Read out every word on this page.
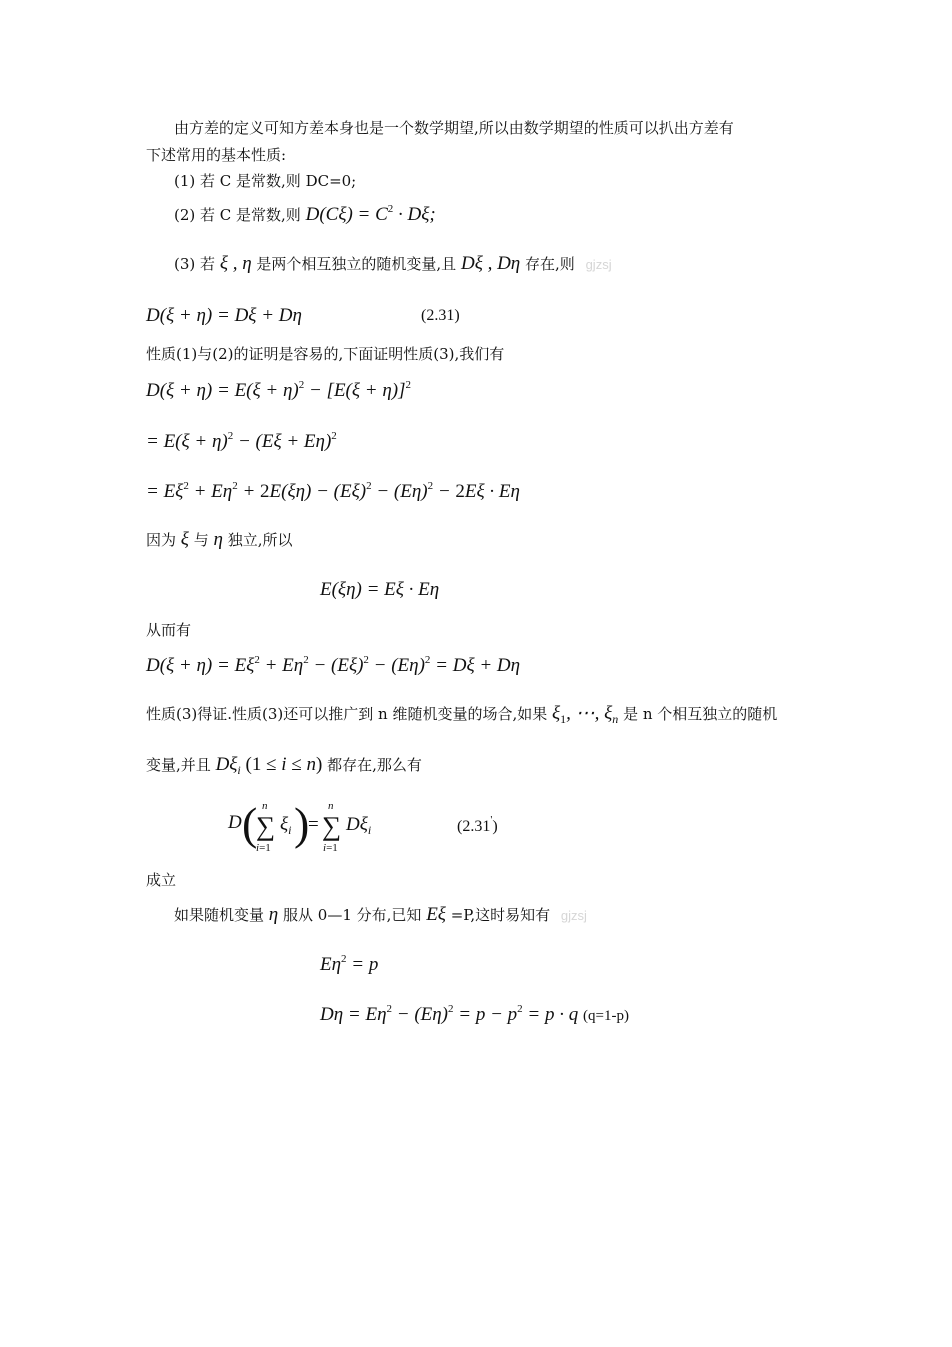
由方差的定义可知方差本身也是一个数学期望,所以由数学期望的性质可以扒出方差有
下述常用的基本性质:
(1) 若 C 是常数,则 DC=0;
(2) 若 C 是常数,则 $D(C\xi) = C^2 \cdot D\xi$;
(3) 若 ξ , η 是两个相互独立的随机变量,且 Dξ , Dη 存在,则 gjzsj
D(ξ + η) = Dξ + Dη	(2.31)
性质(1)与(2)的证明是容易的,下面证明性质(3),我们有
$D(\xi + \eta) = E(\xi + \eta)^2 - [E(\xi + \eta)]^2$
= $E(\xi + \eta)^2 - (E\xi + E\eta)^2$
= $E\xi^2 + E\eta^2 + 2E(\xi\eta) - (E\xi)^2 - (E\eta)^2 - 2E\xi \cdot E\eta$
因为 ξ 与 η 独立,所以
E(ξη) = Eξ · Eη
从而有
$D(\xi + \eta) = E\xi^2 + E\eta^2 - (E\xi)^2 - (E\eta)^2 = D\xi + D\eta$
性质(3)得证.性质(3)还可以推广到 n 维随机变量的场合,如果 $\xi_1$, ⋯, $\xi_n$ 是 n 个相互独立的随机
变量,并且 $D\xi_i$ (1 ≤ i ≤ n) 都存在,那么有
D ( n
∑
i=1
$\xi_i$ )
=
n
∑
i=1
$D\xi_i$	(2.31')
成立
如果随机变量 η 服从 0—1 分布,已知 Eξ =P,这时易知有 gjzsj
$E\eta^2 = p$
$D\eta = E\eta^2 - (E\eta)^2 = p - p^2 = p \cdot q$ (q=1-p)
